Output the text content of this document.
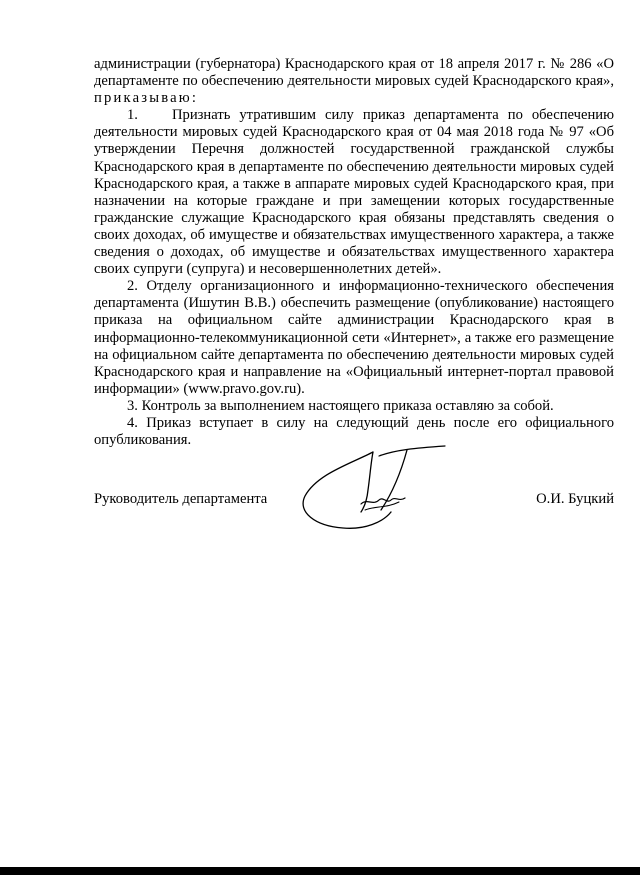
администрации (губернатора) Краснодарского края от 18 апреля 2017 г. № 286 «О департаменте по обеспечению деятельности мировых судей Краснодарского края», приказываю:

1. Признать утратившим силу приказ департамента по обеспечению деятельности мировых судей Краснодарского края от 04 мая 2018 года № 97 «Об утверждении Перечня должностей государственной гражданской службы Краснодарского края в департаменте по обеспечению деятельности мировых судей Краснодарского края, а также в аппарате мировых судей Краснодарского края, при назначении на которые граждане и при замещении которых государственные гражданские служащие Краснодарского края обязаны представлять сведения о своих доходах, об имуществе и обязательствах имущественного характера, а также сведения о доходах, об имуществе и обязательствах имущественного характера своих супруги (супруга) и несовершеннолетних детей».

2. Отделу организационного и информационно-технического обеспечения департамента (Ишутин В.В.) обеспечить размещение (опубликование) настоящего приказа на официальном сайте администрации Краснодарского края в информационно-телекоммуникационной сети «Интернет», а также его размещение на официальном сайте департамента по обеспечению деятельности мировых судей Краснодарского края и направление на «Официальный интернет-портал правовой информации» (www.pravo.gov.ru).

3. Контроль за выполнением настоящего приказа оставляю за собой.

4. Приказ вступает в силу на следующий день после его официального опубликования.

Руководитель департамента	О.И. Буцкий
